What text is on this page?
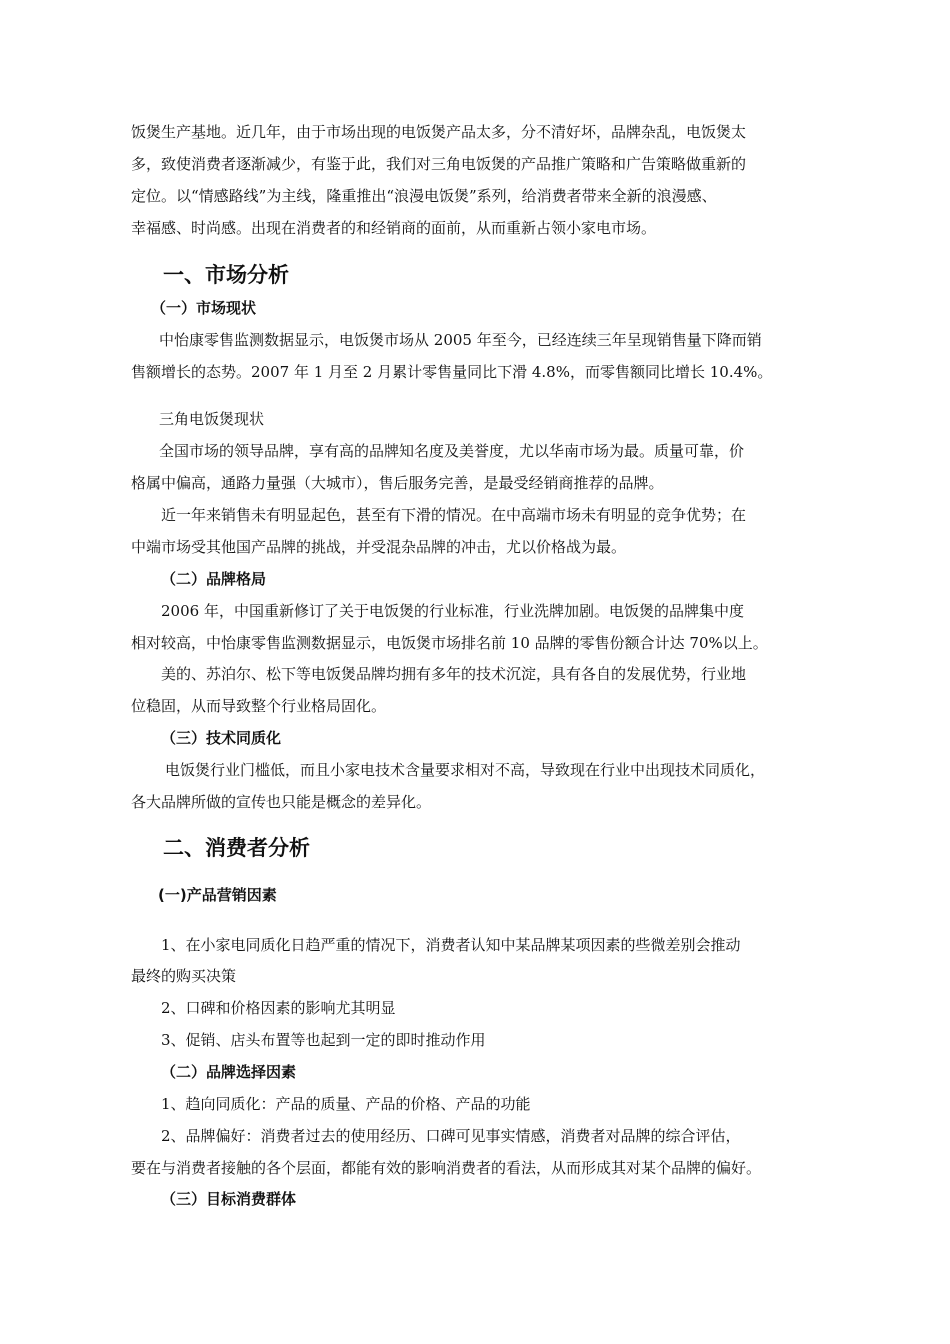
饭煲生产基地。近几年，由于市场出现的电饭煲产品太多，分不清好坏，品牌杂乱，电饭煲太
多，致使消费者逐渐减少，有鉴于此，我们对三角电饭煲的产品推广策略和广告策略做重新的
定位。以“情感路线”为主线，隆重推出“浪漫电饭煲”系列，给消费者带来全新的浪漫感、
幸福感、时尚感。出现在消费者的和经销商的面前，从而重新占领小家电市场。
一、市场分析
（一）市场现状
中怡康零售监测数据显示，电饭煲市场从 2005 年至今，已经连续三年呈现销售量下降而销
售额增长的态势。2007 年 1 月至 2 月累计零售量同比下滑 4.8%，而零售额同比增长 10.4%。
三角电饭煲现状
全国市场的领导品牌，享有高的品牌知名度及美誉度，尤以华南市场为最。质量可靠，价
格属中偏高，通路力量强（大城市），售后服务完善，是最受经销商推荐的品牌。
近一年来销售未有明显起色，甚至有下滑的情况。在中高端市场未有明显的竞争优势；在
中端市场受其他国产品牌的挑战，并受混杂品牌的冲击，尤以价格战为最。
（二）品牌格局
2006 年，中国重新修订了关于电饭煲的行业标准，行业洗牌加剧。电饭煲的品牌集中度
相对较高，中怡康零售监测数据显示，电饭煲市场排名前 10 品牌的零售份额合计达 70%以上。
美的、苏泊尔、松下等电饭煲品牌均拥有多年的技术沉淀，具有各自的发展优势，行业地
位稳固，从而导致整个行业格局固化。
（三）技术同质化
电饭煲行业门槛低，而且小家电技术含量要求相对不高，导致现在行业中出现技术同质化，
各大品牌所做的宣传也只能是概念的差异化。
二、消费者分析
(一)产品营销因素
1、在小家电同质化日趋严重的情况下，消费者认知中某品牌某项因素的些微差别会推动
最终的购买决策
2、口碑和价格因素的影响尤其明显
3、促销、店头布置等也起到一定的即时推动作用
（二）品牌选择因素
1、趋向同质化：产品的质量、产品的价格、产品的功能
2、品牌偏好：消费者过去的使用经历、口碑可见事实情感，消费者对品牌的综合评估，
要在与消费者接触的各个层面，都能有效的影响消费者的看法，从而形成其对某个品牌的偏好。
（三）目标消费群体
